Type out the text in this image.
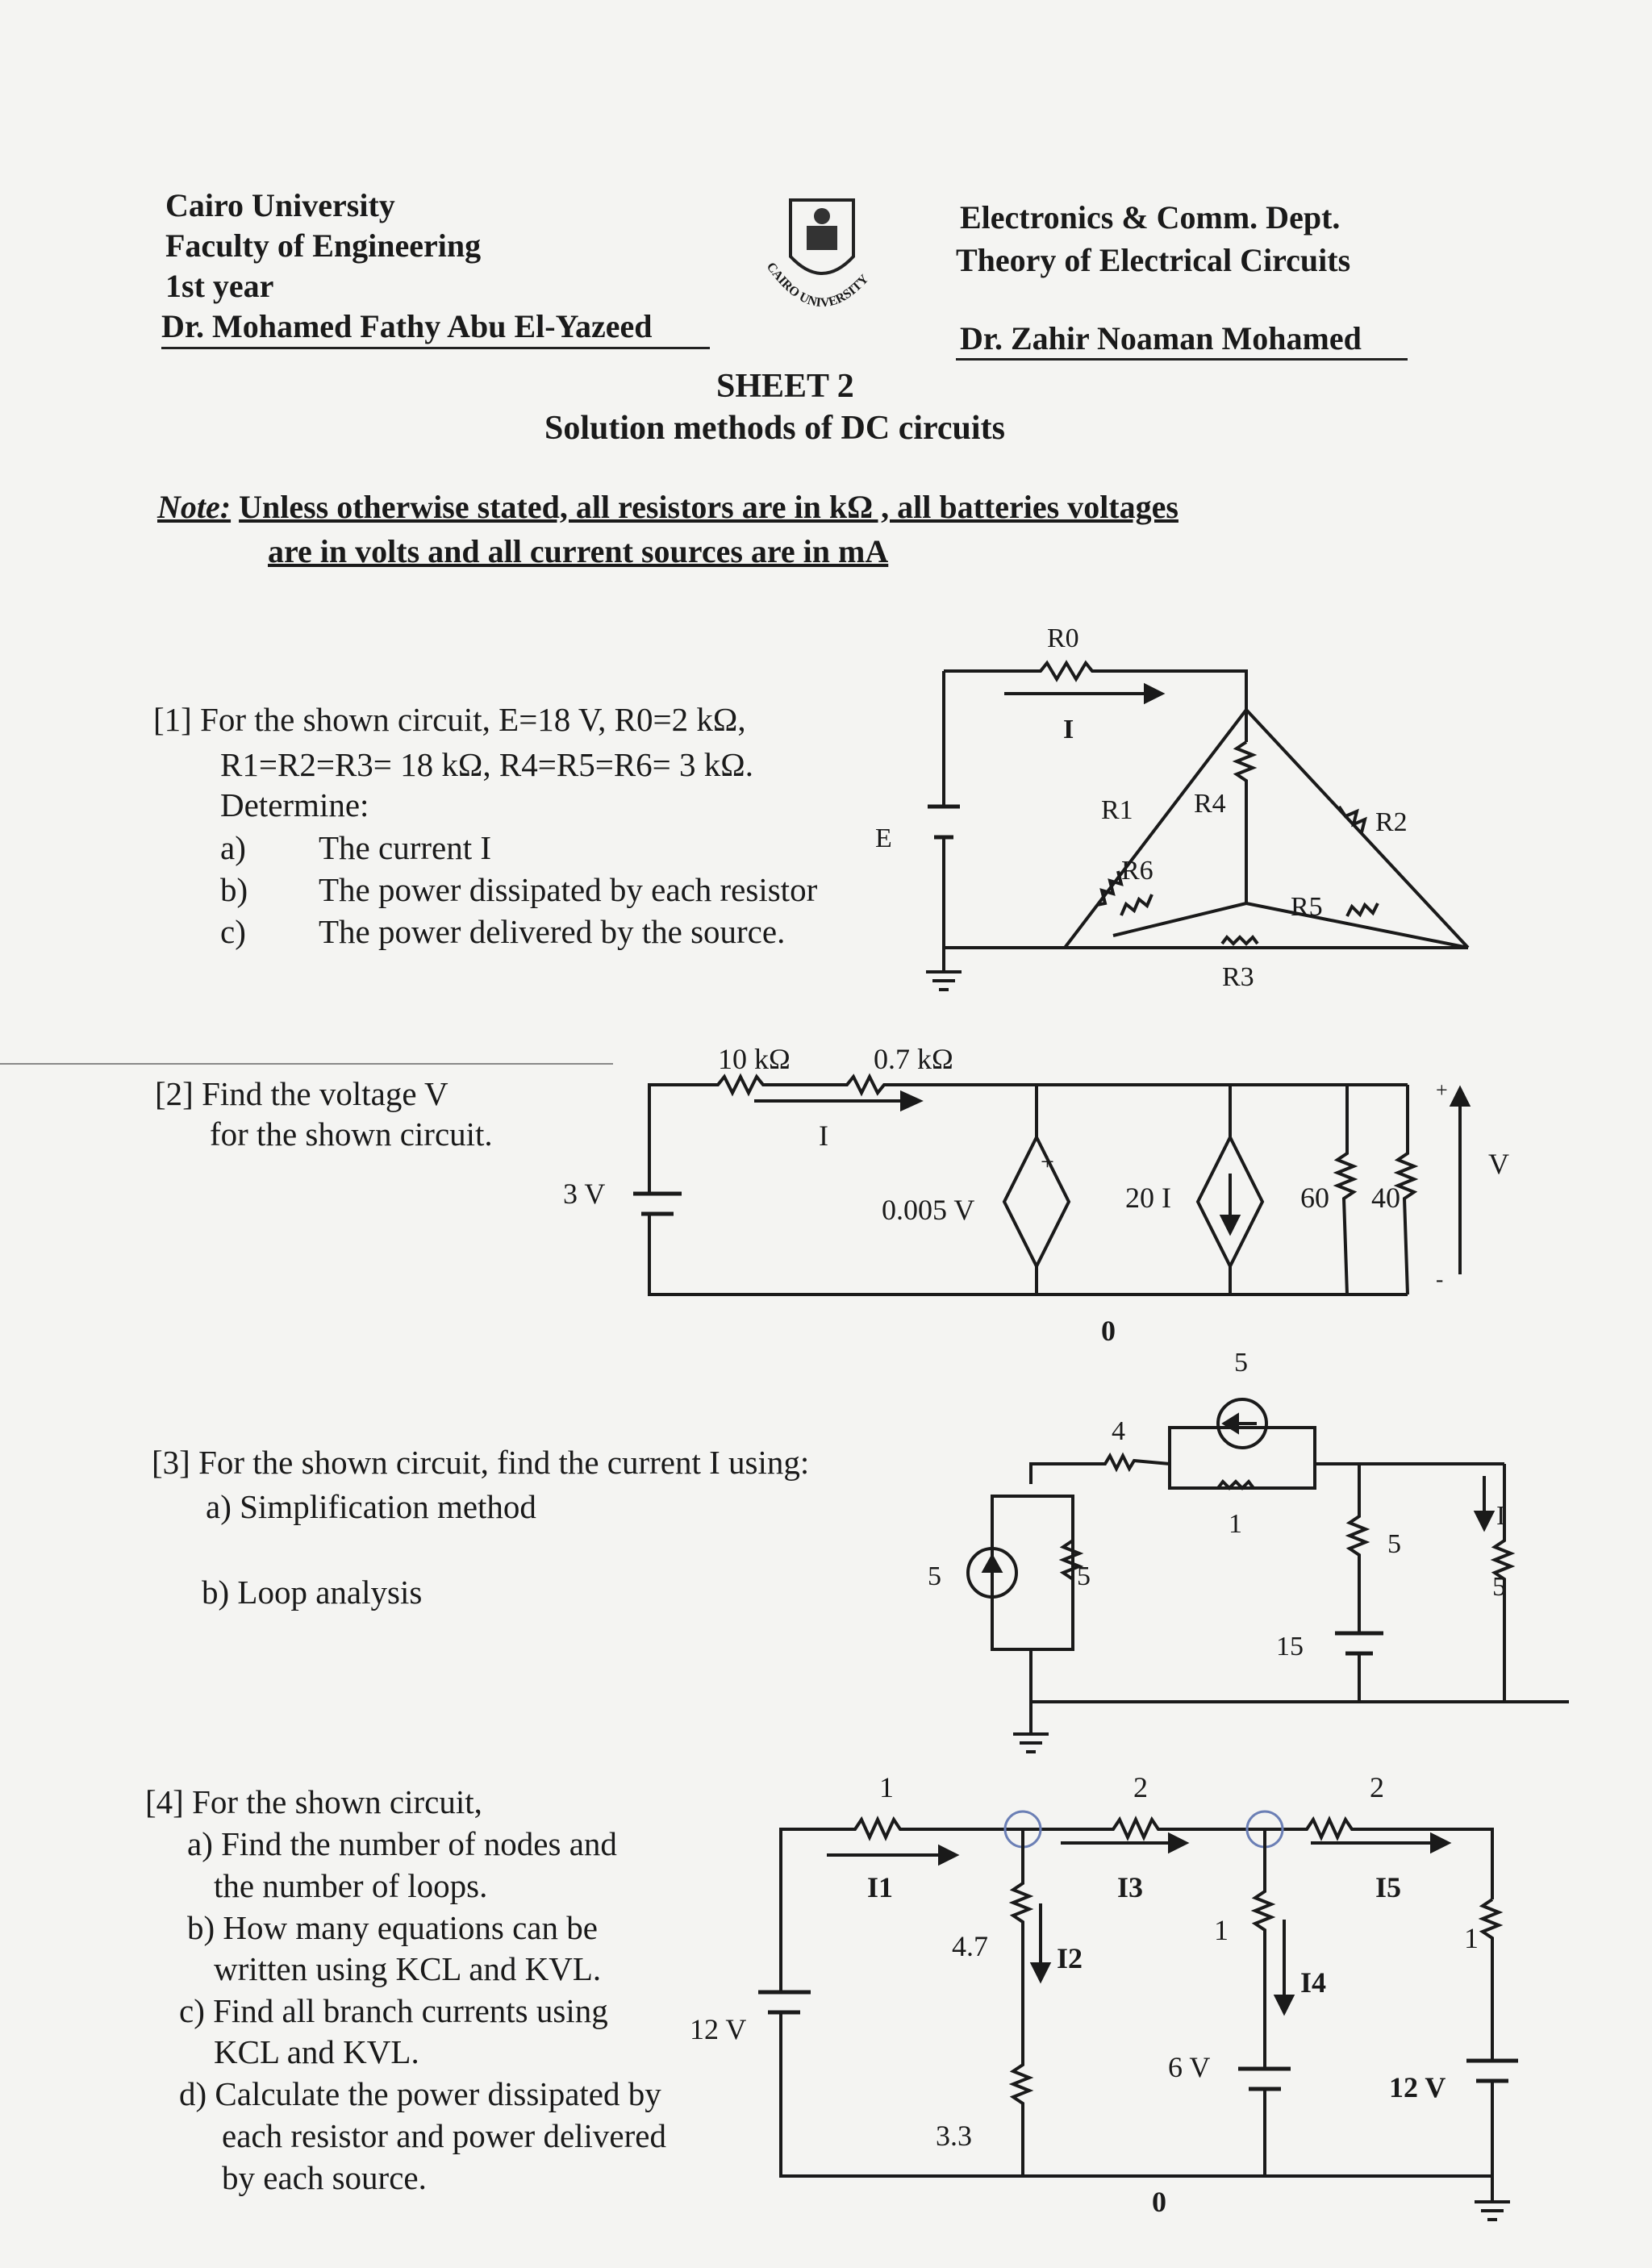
Cairo University
Faculty of Engineering
1st year
Dr. Mohamed Fathy Abu El-Yazeed
Electronics & Comm. Dept.
Theory of Electrical Circuits
Dr. Zahir Noaman Mohamed
CAIRO UNIVERSITY
R0
I
E
R1 R4
R2
R6
R5
R3
10 kΩ	0.7 kΩ
I
3 V	0.005 V
+
20 I	60 40
0
+
-
V
5
4
1
5	5
5
15
I
5
1	2	2
I1	I3	I5
4.7 I2
1
I4
1
12 V
3.3
6 V
12 V
0
SHEET 2
Solution methods of DC circuits
Note: Unless otherwise stated, all resistors are in kΩ , all batteries voltages
are in volts and all current sources are in mA
[1] For the shown circuit, E=18 V, R0=2 kΩ,
R1=R2=R3= 18 kΩ, R4=R5=R6= 3 kΩ.
Determine:
a) The current I
b) The power dissipated by each resistor
c) The power delivered by the source.
[2] Find the voltage V
for the shown circuit.
[3] For the shown circuit, find the current I using:
a) Simplification method
b) Loop analysis
[4] For the shown circuit,
a) Find the number of nodes and
the number of loops.
b) How many equations can be
written using KCL and KVL.
c) Find all branch currents using
KCL and KVL.
d) Calculate the power dissipated by
each resistor and power delivered
by each source.
